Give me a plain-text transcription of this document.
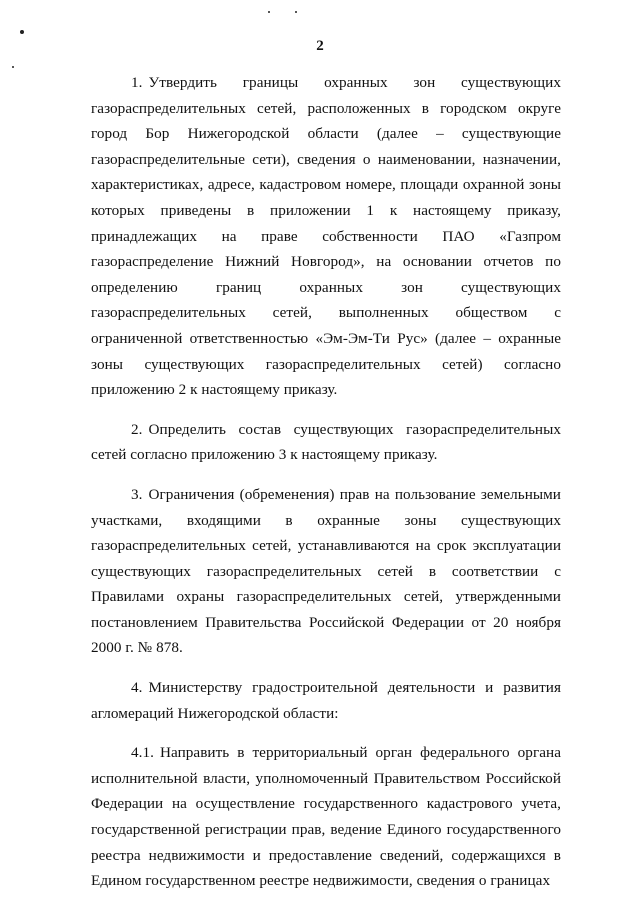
2

1. Утвердить границы охранных зон существующих газораспределительных сетей, расположенных в городском округе город Бор Нижегородской области (далее – существующие газораспределительные сети), сведения о наименовании, назначении, характеристиках, адресе, кадастровом номере, площади охранной зоны которых приведены в приложении 1 к настоящему приказу, принадлежащих на праве собственности ПАО «Газпром газораспределение Нижний Новгород», на основании отчетов по определению границ охранных зон существующих газораспределительных сетей, выполненных обществом с ограниченной ответственностью «Эм-Эм-Ти Рус» (далее – охранные зоны существующих газораспределительных сетей) согласно приложению 2 к настоящему приказу.

2. Определить состав существующих газораспределительных сетей согласно приложению 3 к настоящему приказу.

3. Ограничения (обременения) прав на пользование земельными участками, входящими в охранные зоны существующих газораспределительных сетей, устанавливаются на срок эксплуатации существующих газораспределительных сетей в соответствии с Правилами охраны газораспределительных сетей, утвержденными постановлением Правительства Российской Федерации от 20 ноября 2000 г. № 878.

4. Министерству градостроительной деятельности и развития агломераций Нижегородской области:

4.1. Направить в территориальный орган федерального органа исполнительной власти, уполномоченный Правительством Российской Федерации на осуществление государственного кадастрового учета, государственной регистрации прав, ведение Единого государственного реестра недвижимости и предоставление сведений, содержащихся в Едином государственном реестре недвижимости, сведения о границах
